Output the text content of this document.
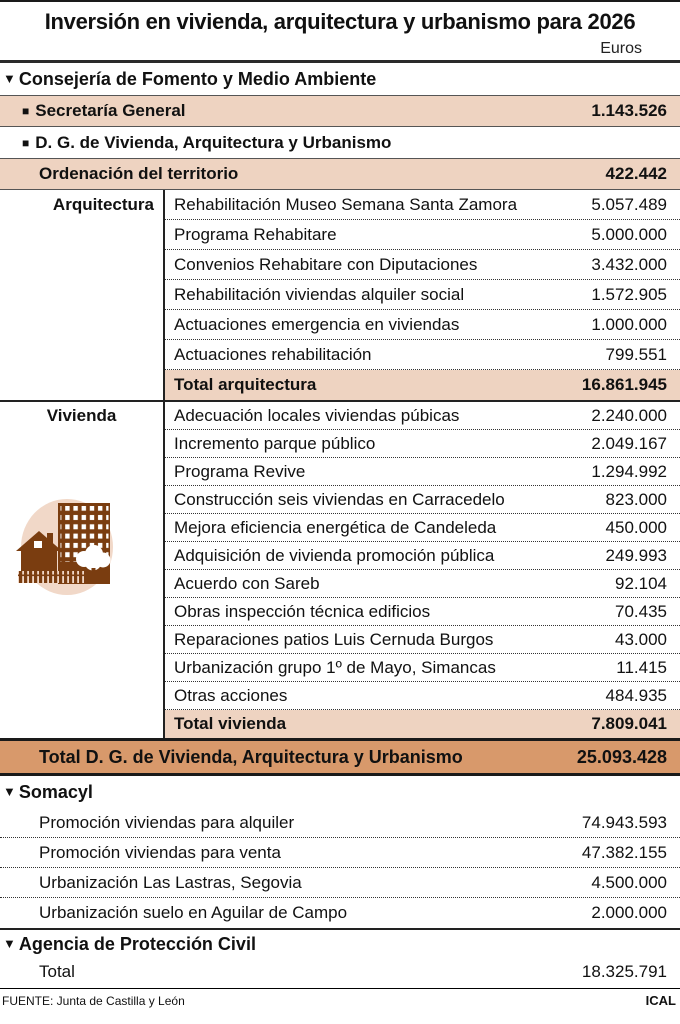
Inversión en vivienda, arquitectura y urbanismo para 2026
Euros
▼ Consejería de Fomento y Medio Ambiente
■ Secretaría General	1.143.526
■ D. G. de Vivienda, Arquitectura y Urbanismo
Ordenación del territorio	422.442
Arquitectura	Rehabilitación Museo Semana Santa Zamora	5.057.489
Programa Rehabitare	5.000.000
Convenios Rehabitare con Diputaciones	3.432.000
Rehabilitación viviendas alquiler social	1.572.905
Actuaciones emergencia en viviendas	1.000.000
Actuaciones rehabilitación	799.551
Total arquitectura	16.861.945
Vivienda	Adecuación locales viviendas púbicas	2.240.000
Incremento parque público	2.049.167
Programa Revive	1.294.992
Construcción seis viviendas en Carracedelo	823.000
Mejora eficiencia energética de Candeleda	450.000
Adquisición de vivienda promoción pública	249.993
Acuerdo con Sareb	92.104
Obras inspección técnica edificios	70.435
Reparaciones patios Luis Cernuda Burgos	43.000
Urbanización grupo 1º de Mayo, Simancas	11.415
Otras acciones	484.935
Total vivienda	7.809.041
Total D. G. de Vivienda, Arquitectura y Urbanismo	25.093.428
▼ Somacyl
Promoción viviendas para alquiler	74.943.593
Promoción viviendas para venta	47.382.155
Urbanización Las Lastras, Segovia	4.500.000
Urbanización suelo en Aguilar de Campo	2.000.000
▼ Agencia de Protección Civil
Total	18.325.791
FUENTE: Junta de Castilla y León	ICAL
